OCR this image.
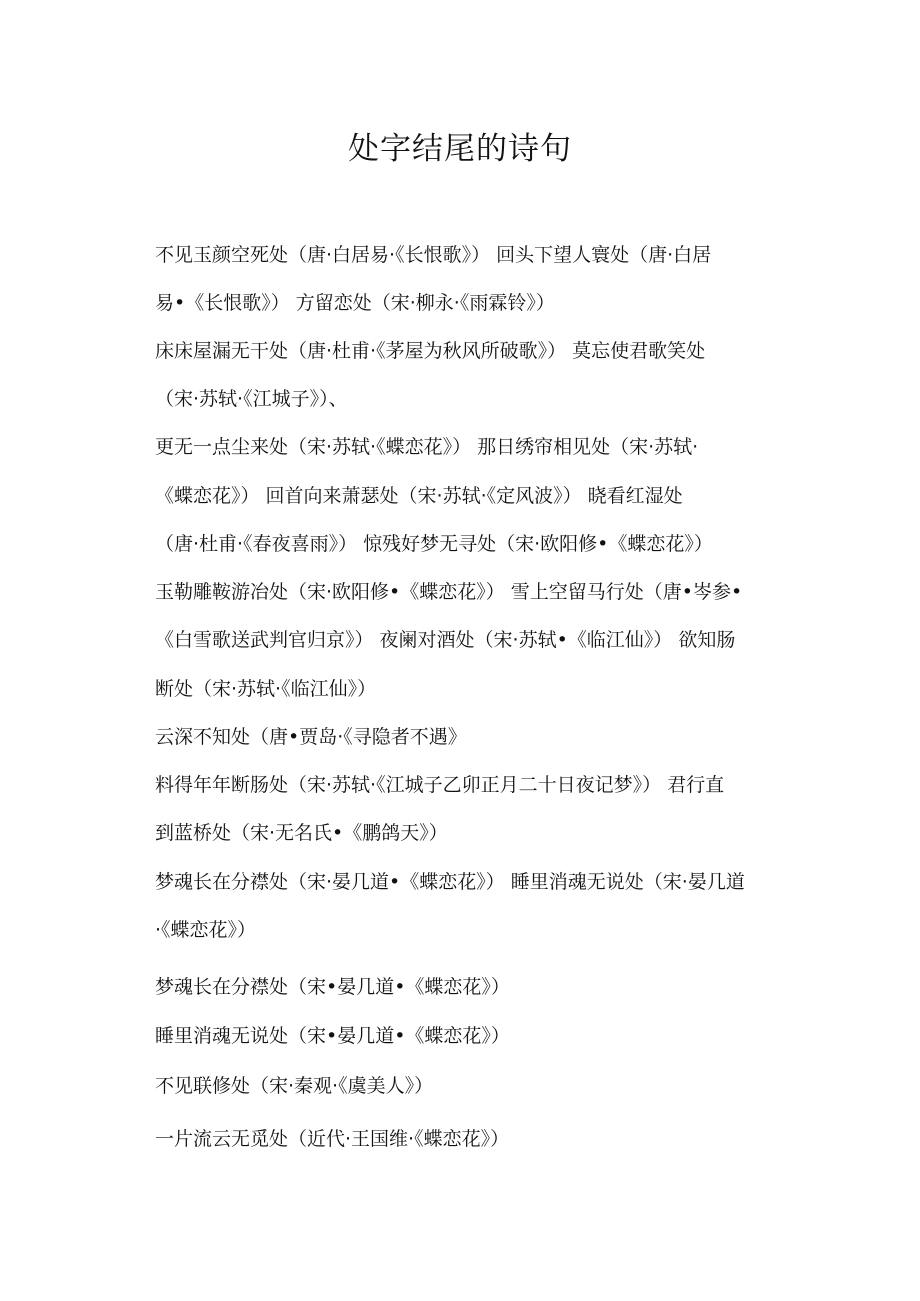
处字结尾的诗句
不见玉颜空死处（唐·白居易·《长恨歌》） 回头下望人寰处（唐·白居
易•《长恨歌》） 方留恋处（宋·柳永·《雨霖铃》）
床床屋漏无干处（唐·杜甫·《茅屋为秋风所破歌》） 莫忘使君歌笑处
（宋·苏轼·《江城子》）、
更无一点尘来处（宋·苏轼·《蝶恋花》） 那日绣帘相见处（宋·苏轼·
《蝶恋花》） 回首向来萧瑟处（宋·苏轼·《定风波》） 晓看红湿处
（唐·杜甫·《春夜喜雨》） 惊残好梦无寻处（宋·欧阳修•《蝶恋花》）
玉勒雕鞍游冶处（宋·欧阳修•《蝶恋花》） 雪上空留马行处（唐•岑参•
《白雪歌送武判官归京》） 夜阑对酒处（宋·苏轼•《临江仙》） 欲知肠
断处（宋·苏轼·《临江仙》）
云深不知处（唐•贾岛·《寻隐者不遇》
料得年年断肠处（宋·苏轼·《江城子乙卯正月二十日夜记梦》） 君行直
到蓝桥处（宋·无名氏•《鹏鸽天》）
梦魂长在分襟处（宋·晏几道•《蝶恋花》） 睡里消魂无说处（宋·晏几道
·《蝶恋花》）
梦魂长在分襟处（宋•晏几道•《蝶恋花》）
睡里消魂无说处（宋•晏几道•《蝶恋花》）
不见联修处（宋·秦观·《虞美人》）
一片流云无觅处（近代·王国维·《蝶恋花》）
